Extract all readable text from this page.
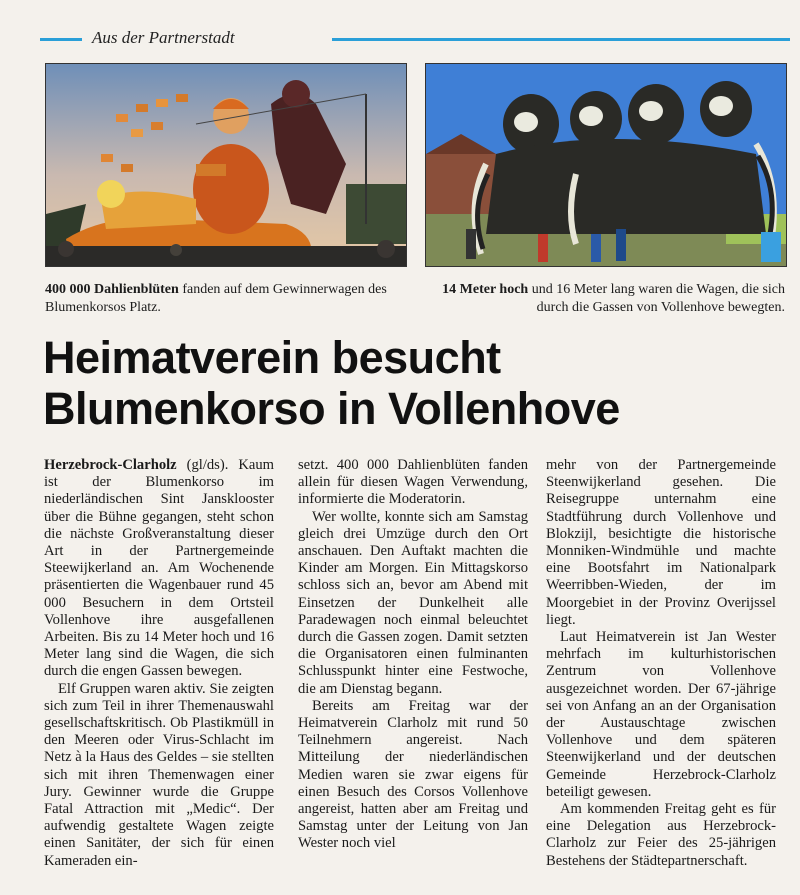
Aus der Partnerstadt
400 000 Dahlienblüten fanden auf dem Gewinnerwagen des Blumenkorsos Platz.
14 Meter hoch und 16 Meter lang waren die Wagen, die sich durch die Gassen von Vollenhove bewegten.
Heimatverein besucht Blumenkorso in Vollenhove

Herzebrock-Clarholz (gl/ds). Kaum ist der Blumenkorso im niederländischen Sint Jansklooster über die Bühne gegangen, steht schon die nächste Großveranstaltung dieser Art in der Partnergemeinde Steewijkerland an. Am Wochenende präsentierten die Wagenbauer rund 45 000 Besuchern in dem Ortsteil Vollenhove ihre ausgefallenen Arbeiten. Bis zu 14 Meter hoch und 16 Meter lang sind die Wagen, die sich durch die engen Gassen bewegen.

Elf Gruppen waren aktiv. Sie zeigten sich zum Teil in ihrer Themenauswahl gesellschaftskritisch. Ob Plastikmüll in den Meeren oder Virus-Schlacht im Netz à la Haus des Geldes – sie stellten sich mit ihren Themenwagen einer Jury. Gewinner wurde die Gruppe Fatal Attraction mit „Medic“. Der aufwendig gestaltete Wagen zeigte einen Sanitäter, der sich für einen Kameraden ein-

setzt. 400 000 Dahlienblüten fanden allein für diesen Wagen Verwendung, informierte die Moderatorin.

Wer wollte, konnte sich am Samstag gleich drei Umzüge durch den Ort anschauen. Den Auftakt machten die Kinder am Morgen. Ein Mittagskorso schloss sich an, bevor am Abend mit Einsetzen der Dunkelheit alle Paradewagen noch einmal beleuchtet durch die Gassen zogen. Damit setzten die Organisatoren einen fulminanten Schlusspunkt hinter eine Festwoche, die am Dienstag begann.

Bereits am Freitag war der Heimatverein Clarholz mit rund 50 Teilnehmern angereist. Nach Mitteilung der niederländischen Medien waren sie zwar eigens für einen Besuch des Corsos Vollenhove angereist, hatten aber am Freitag und Samstag unter der Leitung von Jan Wester noch viel

mehr von der Partnergemeinde Steenwijkerland gesehen. Die Reisegruppe unternahm eine Stadtführung durch Vollenhove und Blokzijl, besichtigte die historische Monniken-Windmühle und machte eine Bootsfahrt im Nationalpark Weerribben-Wieden, der im Moorgebiet in der Provinz Overijssel liegt.

Laut Heimatverein ist Jan Wester mehrfach im kulturhistorischen Zentrum von Vollenhove ausgezeichnet worden. Der 67-jährige sei von Anfang an an der Organisation der Austauschtage zwischen Vollenhove und dem späteren Steenwijkerland und der deutschen Gemeinde Herzebrock-Clarholz beteiligt gewesen.

Am kommenden Freitag geht es für eine Delegation aus Herzebrock-Clarholz zur Feier des 25-jährigen Bestehens der Städtepartnerschaft.
